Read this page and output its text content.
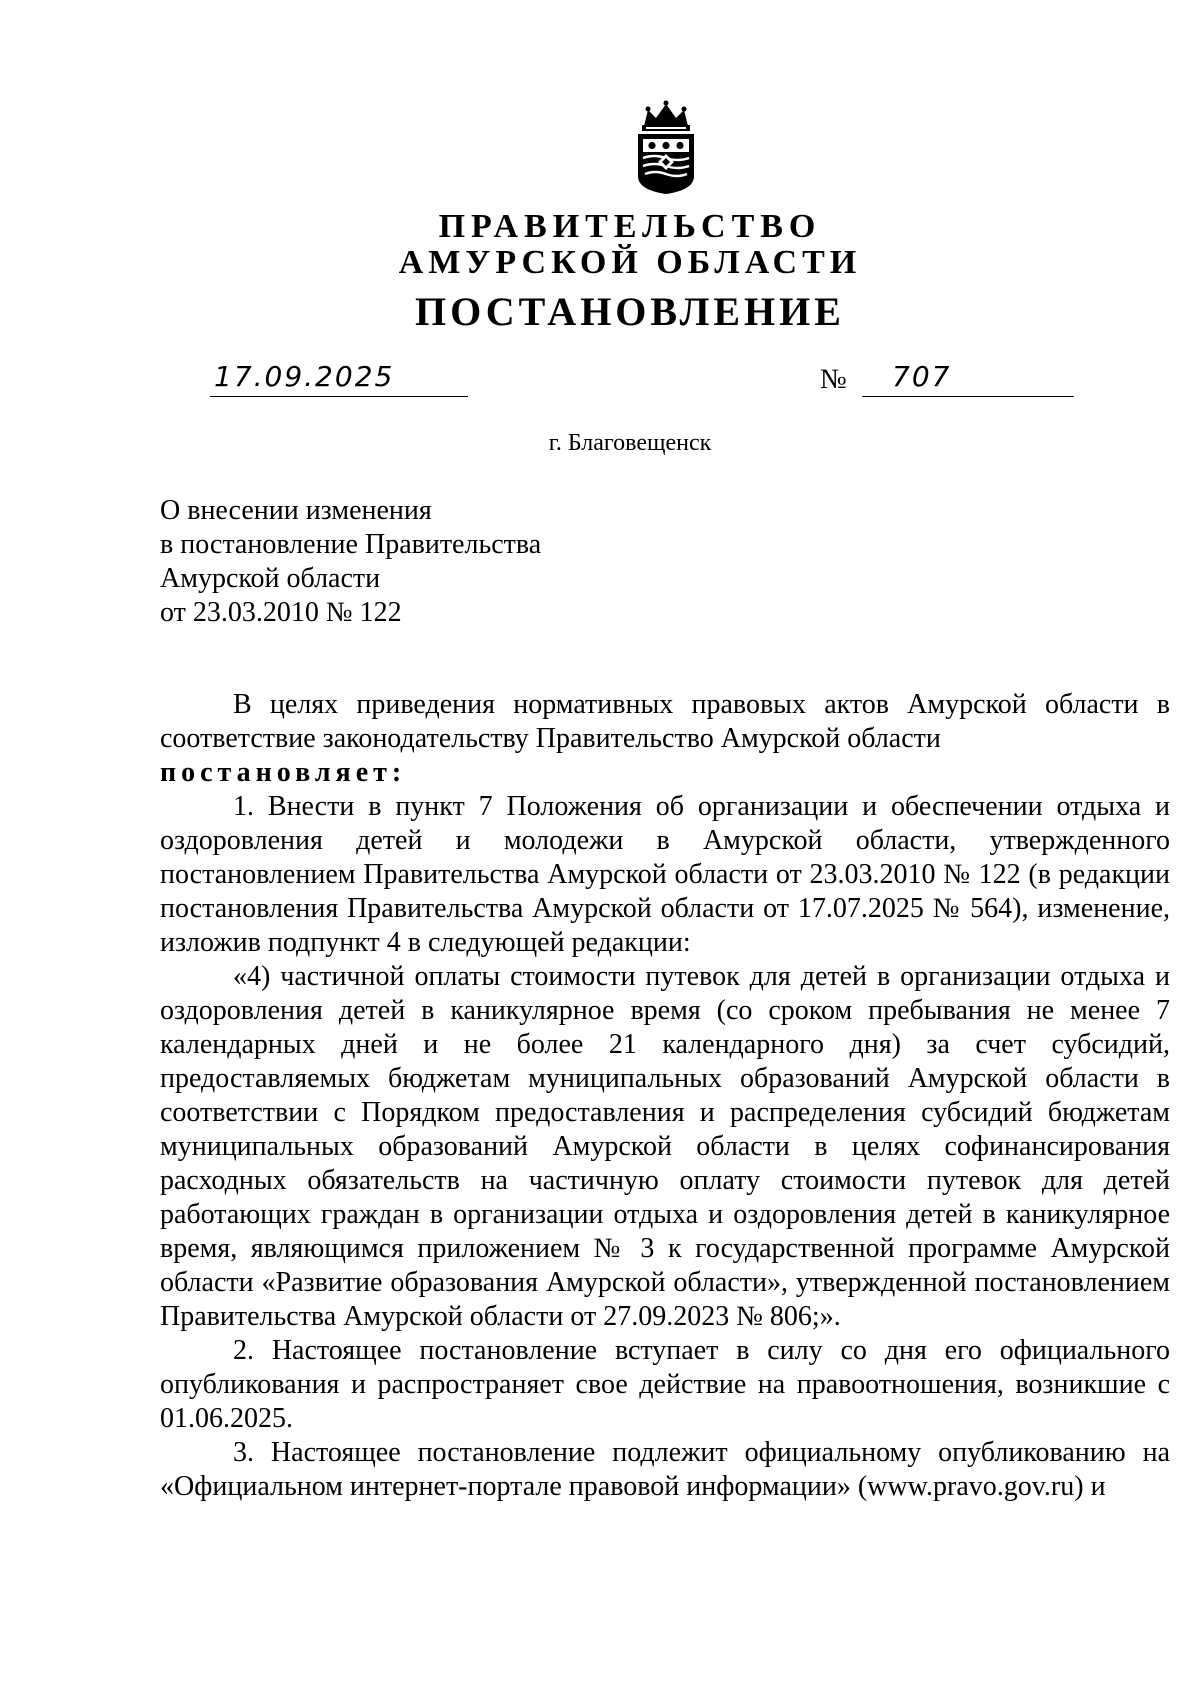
ПРАВИТЕЛЬСТВО
АМУРСКОЙ ОБЛАСТИ
ПОСТАНОВЛЕНИЕ
17.09.2025	№ 707
г. Благовещенск
О внесении изменения
в постановление Правительства
Амурской области
от 23.03.2010 № 122

В целях приведения нормативных правовых актов Амурской области в соответствие законодательству Правительство Амурской области

постановляет:

1. Внести в пункт 7 Положения об организации и обеспечении отдыха и оздоровления детей и молодежи в Амурской области, утвержденного постановлением Правительства Амурской области от 23.03.2010 № 122 (в редакции постановления Правительства Амурской области от 17.07.2025 № 564), изменение, изложив подпункт 4 в следующей редакции:

«4) частичной оплаты стоимости путевок для детей в организации отдыха и оздоровления детей в каникулярное время (со сроком пребывания не менее 7 календарных дней и не более 21 календарного дня) за счет субсидий, предоставляемых бюджетам муниципальных образований Амурской области в соответствии с Порядком предоставления и распределения субсидий бюджетам муниципальных образований Амурской области в целях софинансирования расходных обязательств на частичную оплату стоимости путевок для детей работающих граждан в организации отдыха и оздоровления детей в каникулярное время, являющимся приложением № 3 к государственной программе Амурской области «Развитие образования Амурской области», утвержденной постановлением Правительства Амурской области от 27.09.2023 № 806;».

2. Настоящее постановление вступает в силу со дня его официального опубликования и распространяет свое действие на правоотношения, возникшие с 01.06.2025.

3. Настоящее постановление подлежит официальному опубликованию на «Официальном интернет-портале правовой информации» (www.pravo.gov.ru) и
